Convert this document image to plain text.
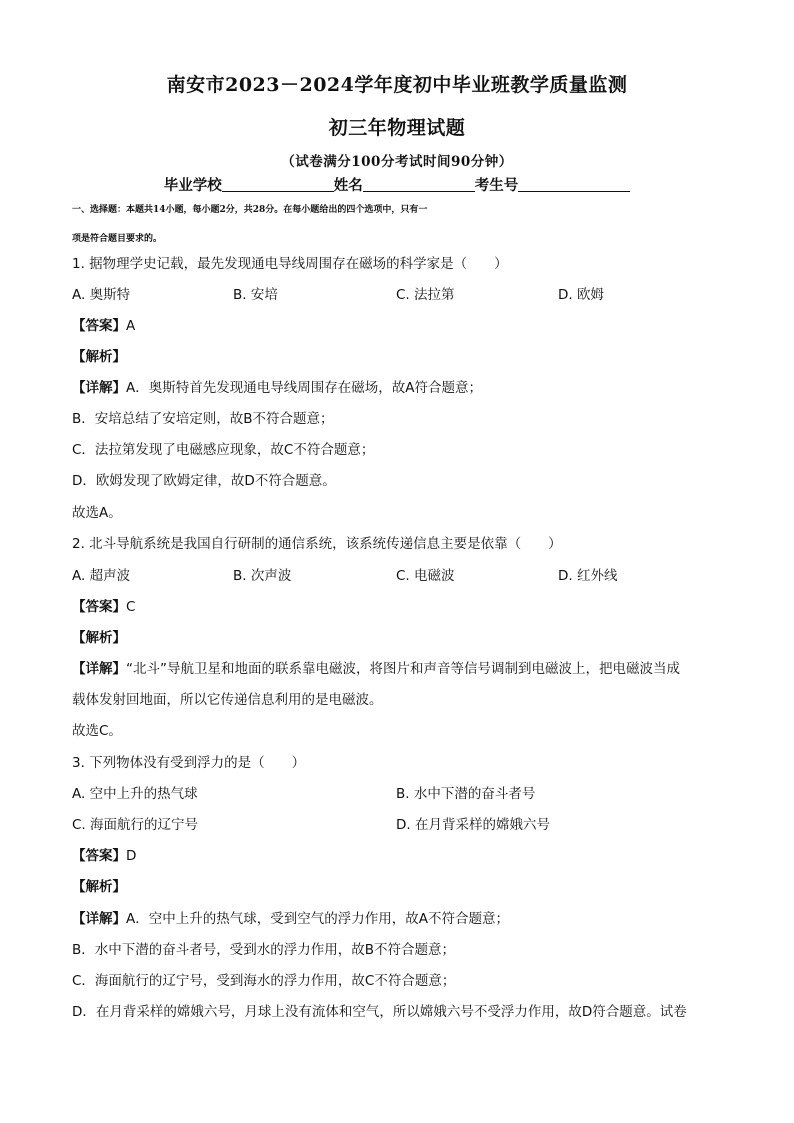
南安市2023－2024学年度初中毕业班教学质量监测
初三年物理试题
（试卷满分100分考试时间90分钟）
毕业学校	姓名	考生号
一、选择题：本题共14小题，每小题2分，共28分。在每小题给出的四个选项中，只有一
项是符合题目要求的。
1. 据物理学史记载，最先发现通电导线周围存在磁场的科学家是（　　）
A. 奥斯特	B. 安培	C. 法拉第	D. 欧姆
【答案】A
【解析】
【详解】A．奥斯特首先发现通电导线周围存在磁场，故A符合题意；
B．安培总结了安培定则，故B不符合题意；
C．法拉第发现了电磁感应现象，故C不符合题意；
D．欧姆发现了欧姆定律，故D不符合题意。
故选A。
2. 北斗导航系统是我国自行研制的通信系统，该系统传递信息主要是依靠（　　）
A. 超声波	B. 次声波	C. 电磁波	D. 红外线
【答案】C
【解析】
【详解】“北斗”导航卫星和地面的联系靠电磁波，将图片和声音等信号调制到电磁波上，把电磁波当成
载体发射回地面，所以它传递信息利用的是电磁波。
故选C。
3. 下列物体没有受到浮力的是（　　）
A. 空中上升的热气球	B. 水中下潜的奋斗者号
C. 海面航行的辽宁号	D. 在月背采样的嫦娥六号
【答案】D
【解析】
【详解】A．空中上升的热气球，受到空气的浮力作用，故A不符合题意；
B．水中下潜的奋斗者号，受到水的浮力作用，故B不符合题意；
C．海面航行的辽宁号，受到海水的浮力作用，故C不符合题意；
D．在月背采样的嫦娥六号，月球上没有流体和空气，所以嫦娥六号不受浮力作用，故D符合题意。试卷
